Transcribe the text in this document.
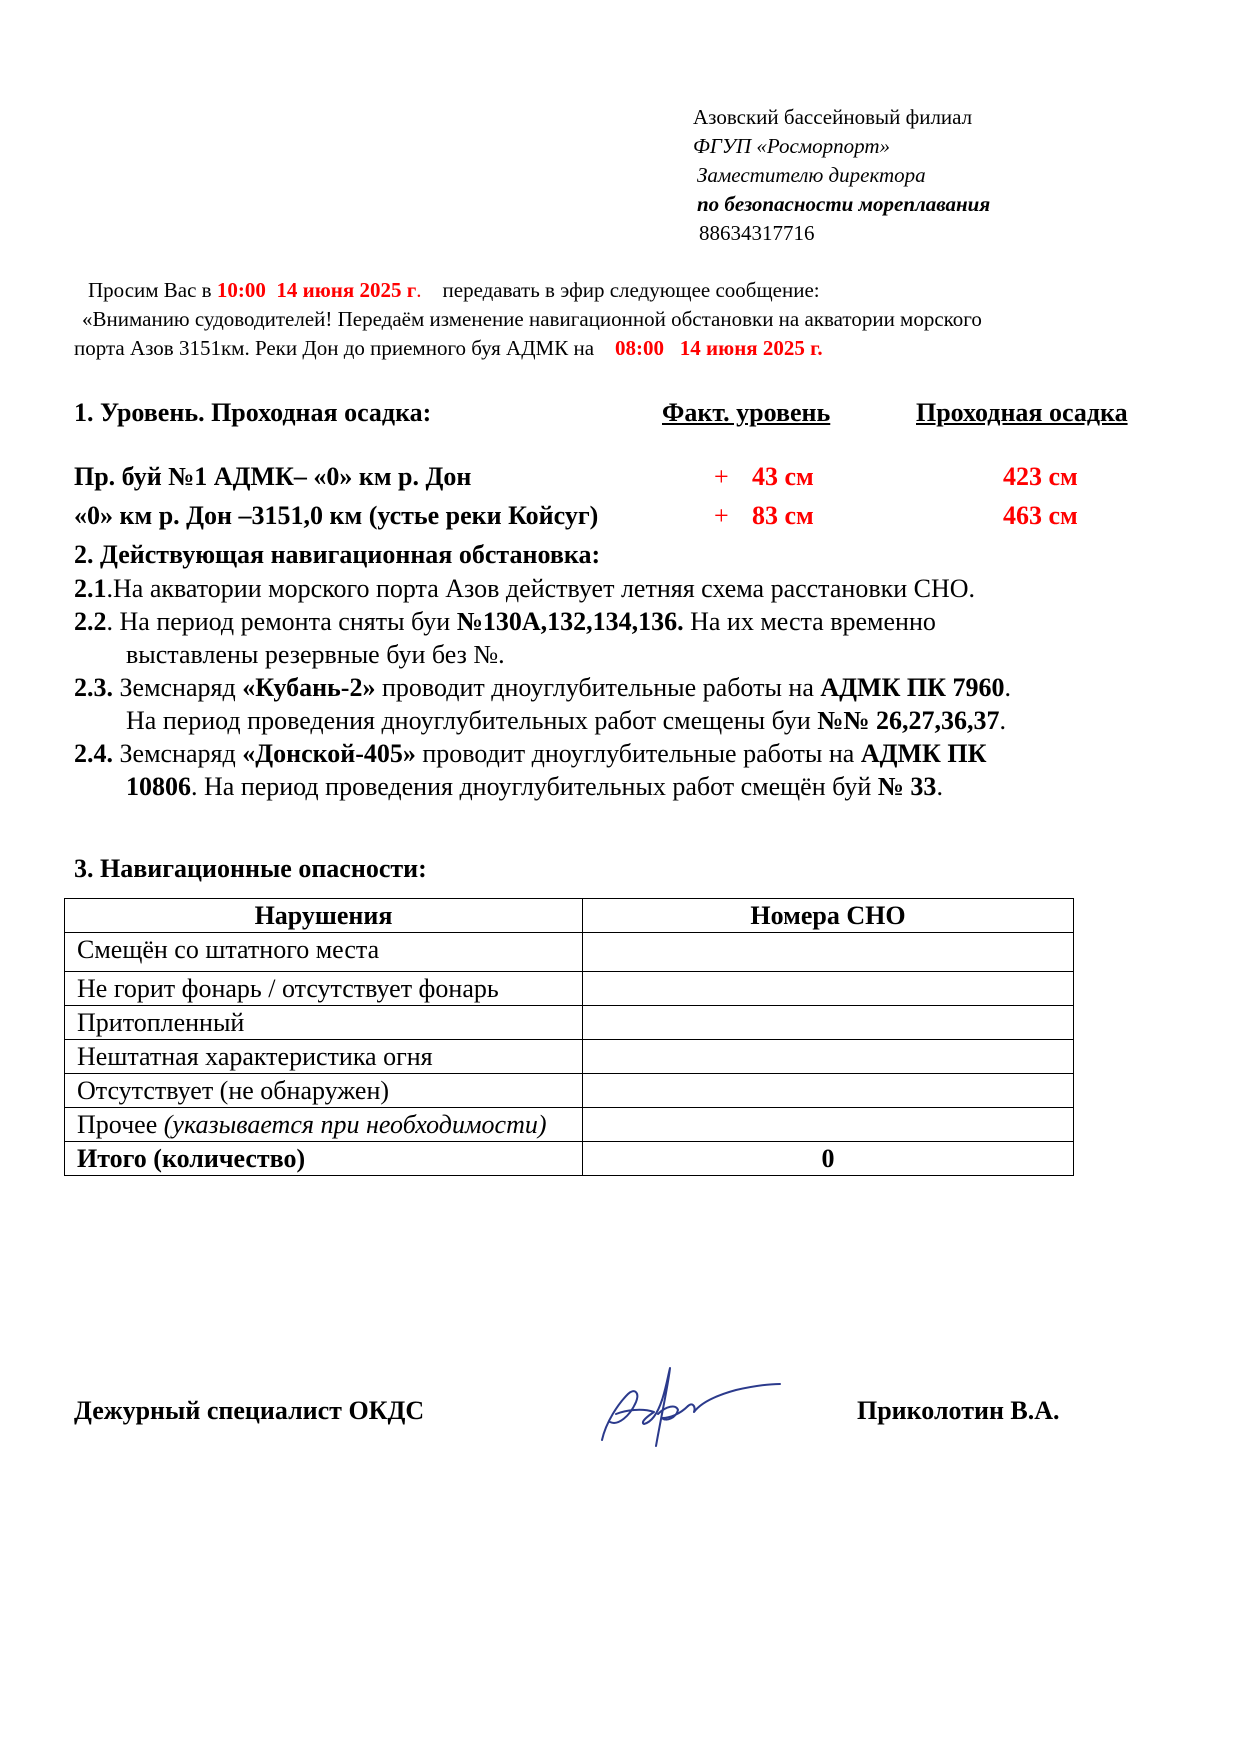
Азовский бассейновый филиал
ФГУП «Росморпорт»
Заместителю директора
по безопасности мореплавания
88634317716
Просим Вас в 10:00 14 июня 2025 г. передавать в эфир следующее сообщение:
«Вниманию судоводителей! Передаём изменение навигационной обстановки на акватории морского
порта Азов 3151км. Реки Дон до приемного буя АДМК на 08:00 14 июня 2025 г.
1. Уровень. Проходная осадка:	Факт. уровень	Проходная осадка
Пр. буй №1 АДМК– «0» км р. Дон	+ 43 см	423 см
«0» км р. Дон –3151,0 км (устье реки Койсуг)	+ 83 см	463 см
2. Действующая навигационная обстановка:
2.1.На акватории морского порта Азов действует летняя схема расстановки СНО.
2.2. На период ремонта сняты буи №130А,132,134,136. На их места временно
выставлены резервные буи без №.
2.3. Земснаряд «Кубань-2» проводит дноуглубительные работы на АДМК ПК 7960.
На период проведения дноуглубительных работ смещены буи №№ 26,27,36,37.
2.4. Земснаряд «Донской-405» проводит дноуглубительные работы на АДМК ПК
10806. На период проведения дноуглубительных работ смещён буй № 33.
3. Навигационные опасности:
Нарушения	Номера СНО
Смещён со штатного места	
Не горит фонарь / отсутствует фонарь	
Притопленный	
Нештатная характеристика огня	
Отсутствует (не обнаружен)	
Прочее (указывается при необходимости)	
Итого (количество)	0
Дежурный специалист ОКДС	Приколотин В.А.
